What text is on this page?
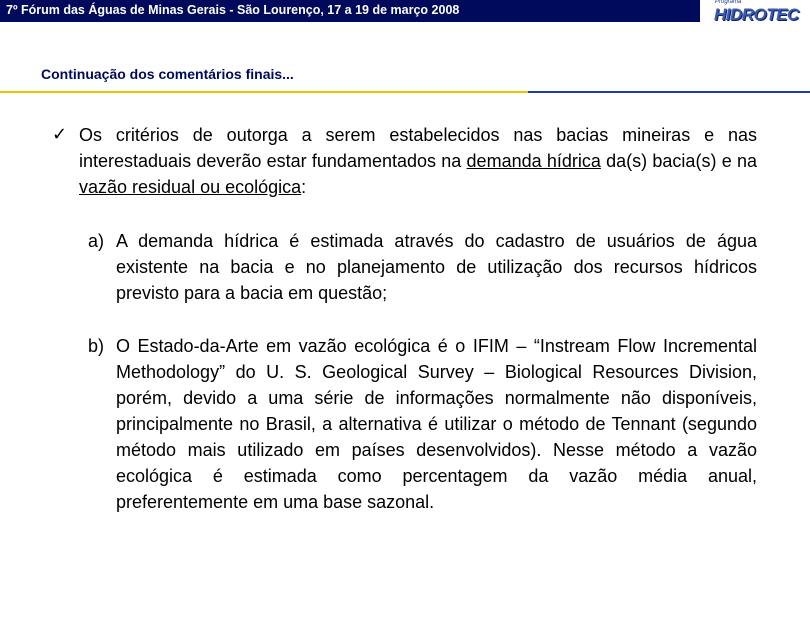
7º Fórum das Águas de Minas Gerais - São Lourenço, 17 a 19 de março 2008
Programa
HIDROTEC
Continuação dos comentários finais...
✓ Os critérios de outorga a serem estabelecidos nas bacias mineiras e nas interestaduais deverão estar fundamentados na demanda hídrica da(s) bacia(s) e na vazão residual ou ecológica:
a) A demanda hídrica é estimada através do cadastro de usuários de água existente na bacia e no planejamento de utilização dos recursos hídricos previsto para a bacia em questão;
b) O Estado-da-Arte em vazão ecológica é o IFIM – “Instream Flow Incremental Methodology” do U. S. Geological Survey – Biological Resources Division, porém, devido a uma série de informações normalmente não disponíveis, principalmente no Brasil, a alternativa é utilizar o método de Tennant (segundo método mais utilizado em países desenvolvidos). Nesse método a vazão ecológica é estimada como percentagem da vazão média anual, preferentemente em uma base sazonal.
